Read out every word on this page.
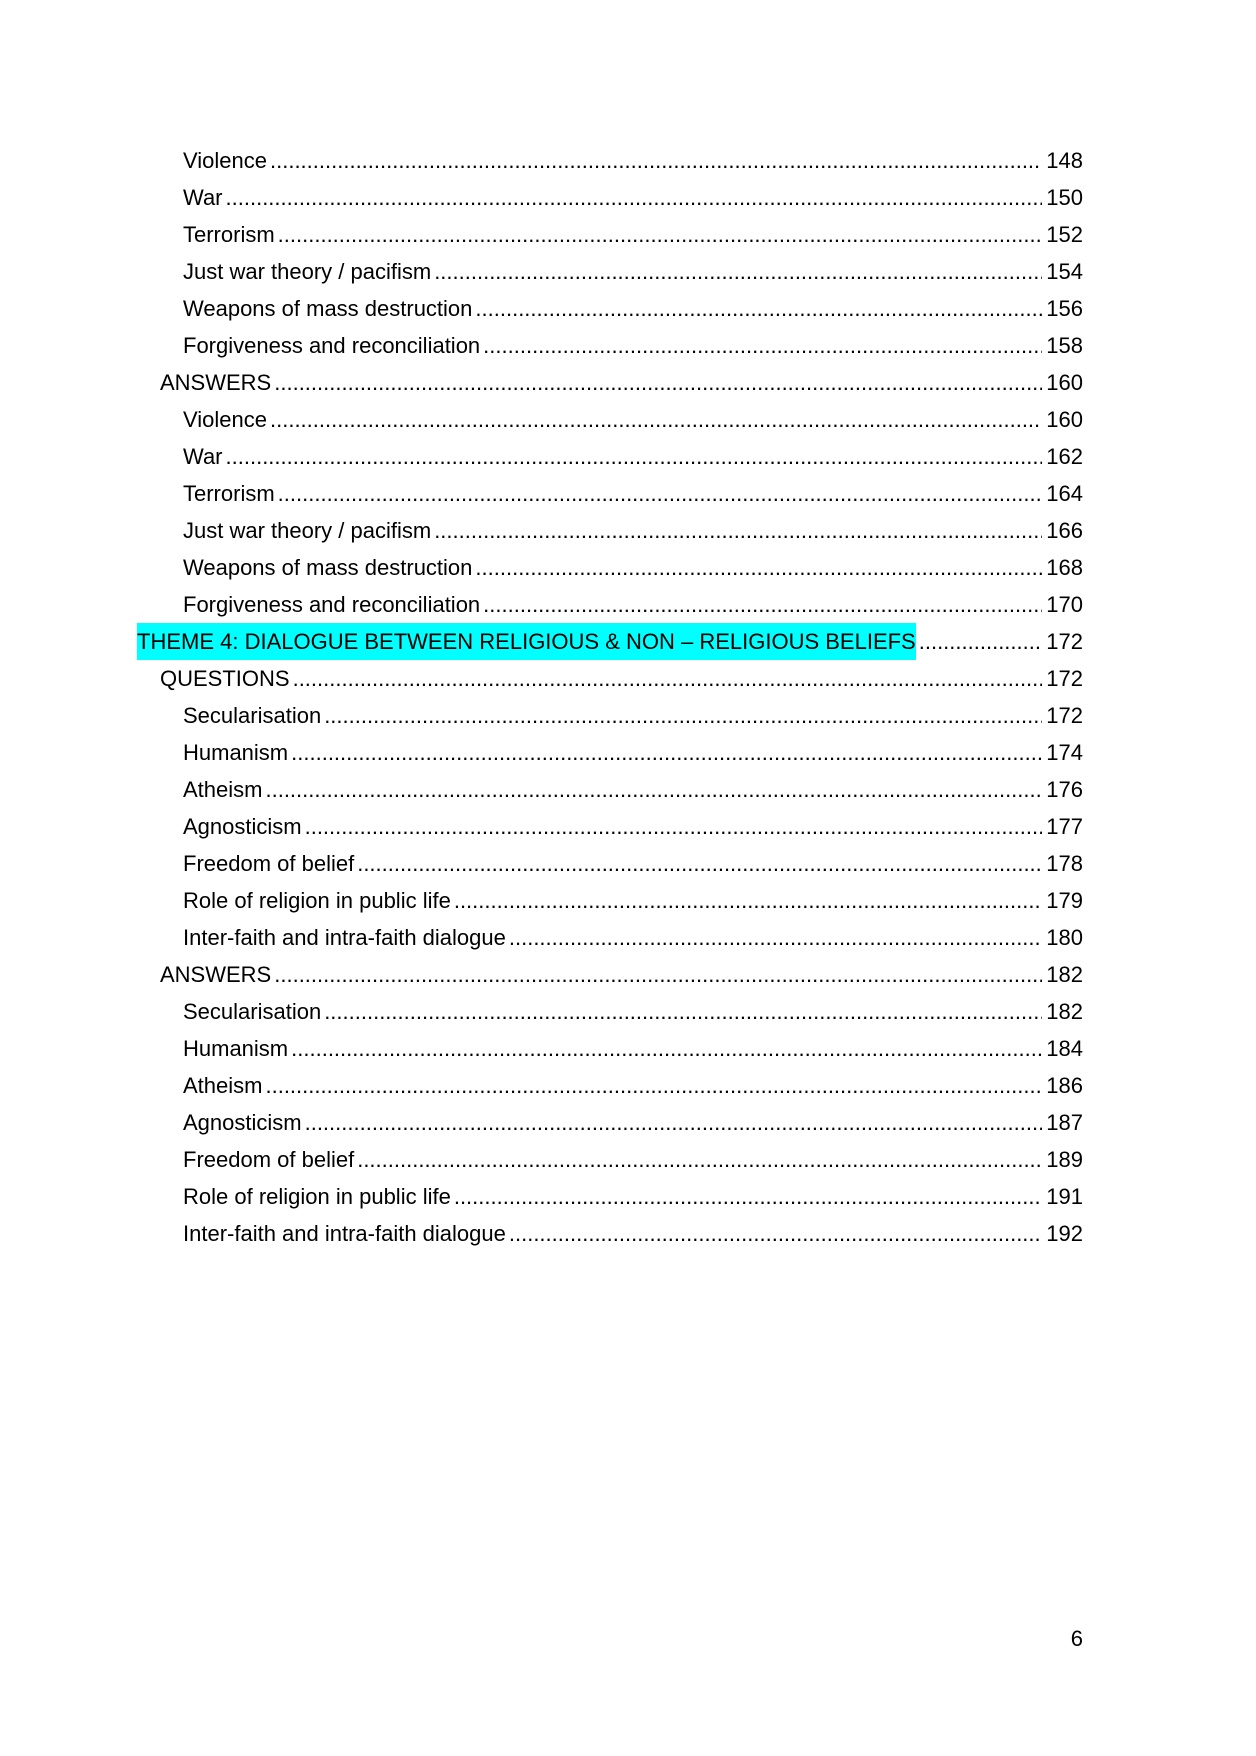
Violence .....	148
War .....	150
Terrorism .....	152
Just war theory / pacifism .....	154
Weapons of mass destruction .....	156
Forgiveness and reconciliation .....	158
ANSWERS .....	160
Violence .....	160
War .....	162
Terrorism .....	164
Just war theory / pacifism .....	166
Weapons of mass destruction .....	168
Forgiveness and reconciliation .....	170
THEME 4: DIALOGUE BETWEEN RELIGIOUS & NON – RELIGIOUS BELIEFS .....	172
QUESTIONS .....	172
Secularisation .....	172
Humanism .....	174
Atheism .....	176
Agnosticism .....	177
Freedom of belief .....	178
Role of religion in public life .....	179
Inter-faith and intra-faith dialogue .....	180
ANSWERS .....	182
Secularisation .....	182
Humanism .....	184
Atheism .....	186
Agnosticism .....	187
Freedom of belief .....	189
Role of religion in public life .....	191
Inter-faith and intra-faith dialogue .....	192
6
